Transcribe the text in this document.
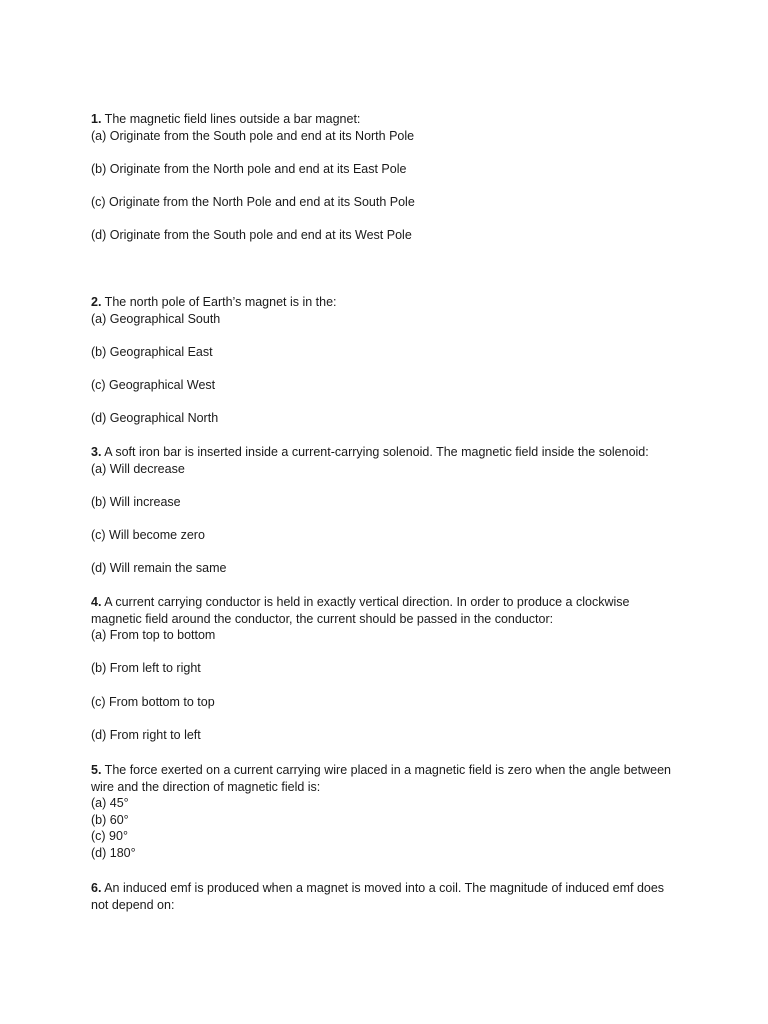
1. The magnetic field lines outside a bar magnet:

(a) Originate from the South pole and end at its North Pole

(b) Originate from the North pole and end at its East Pole

(c) Originate from the North Pole and end at its South Pole

(d) Originate from the South pole and end at its West Pole

2. The north pole of Earth’s magnet is in the:

(a) Geographical South

(b) Geographical East

(c) Geographical West

(d) Geographical North

3. A soft iron bar is inserted inside a current-carrying solenoid. The magnetic field inside the solenoid:

(a) Will decrease

(b) Will increase

(c) Will become zero

(d) Will remain the same

4. A current carrying conductor is held in exactly vertical direction. In order to produce a clockwise magnetic field around the conductor, the current should be passed in the conductor:

(a) From top to bottom

(b) From left to right

(c) From bottom to top

(d) From right to left

5. The force exerted on a current carrying wire placed in a magnetic field is zero when the angle between wire and the direction of magnetic field is:

(a) 45°

(b) 60°

(c) 90°

(d) 180°

6. An induced emf is produced when a magnet is moved into a coil. The magnitude of induced emf does not depend on:
